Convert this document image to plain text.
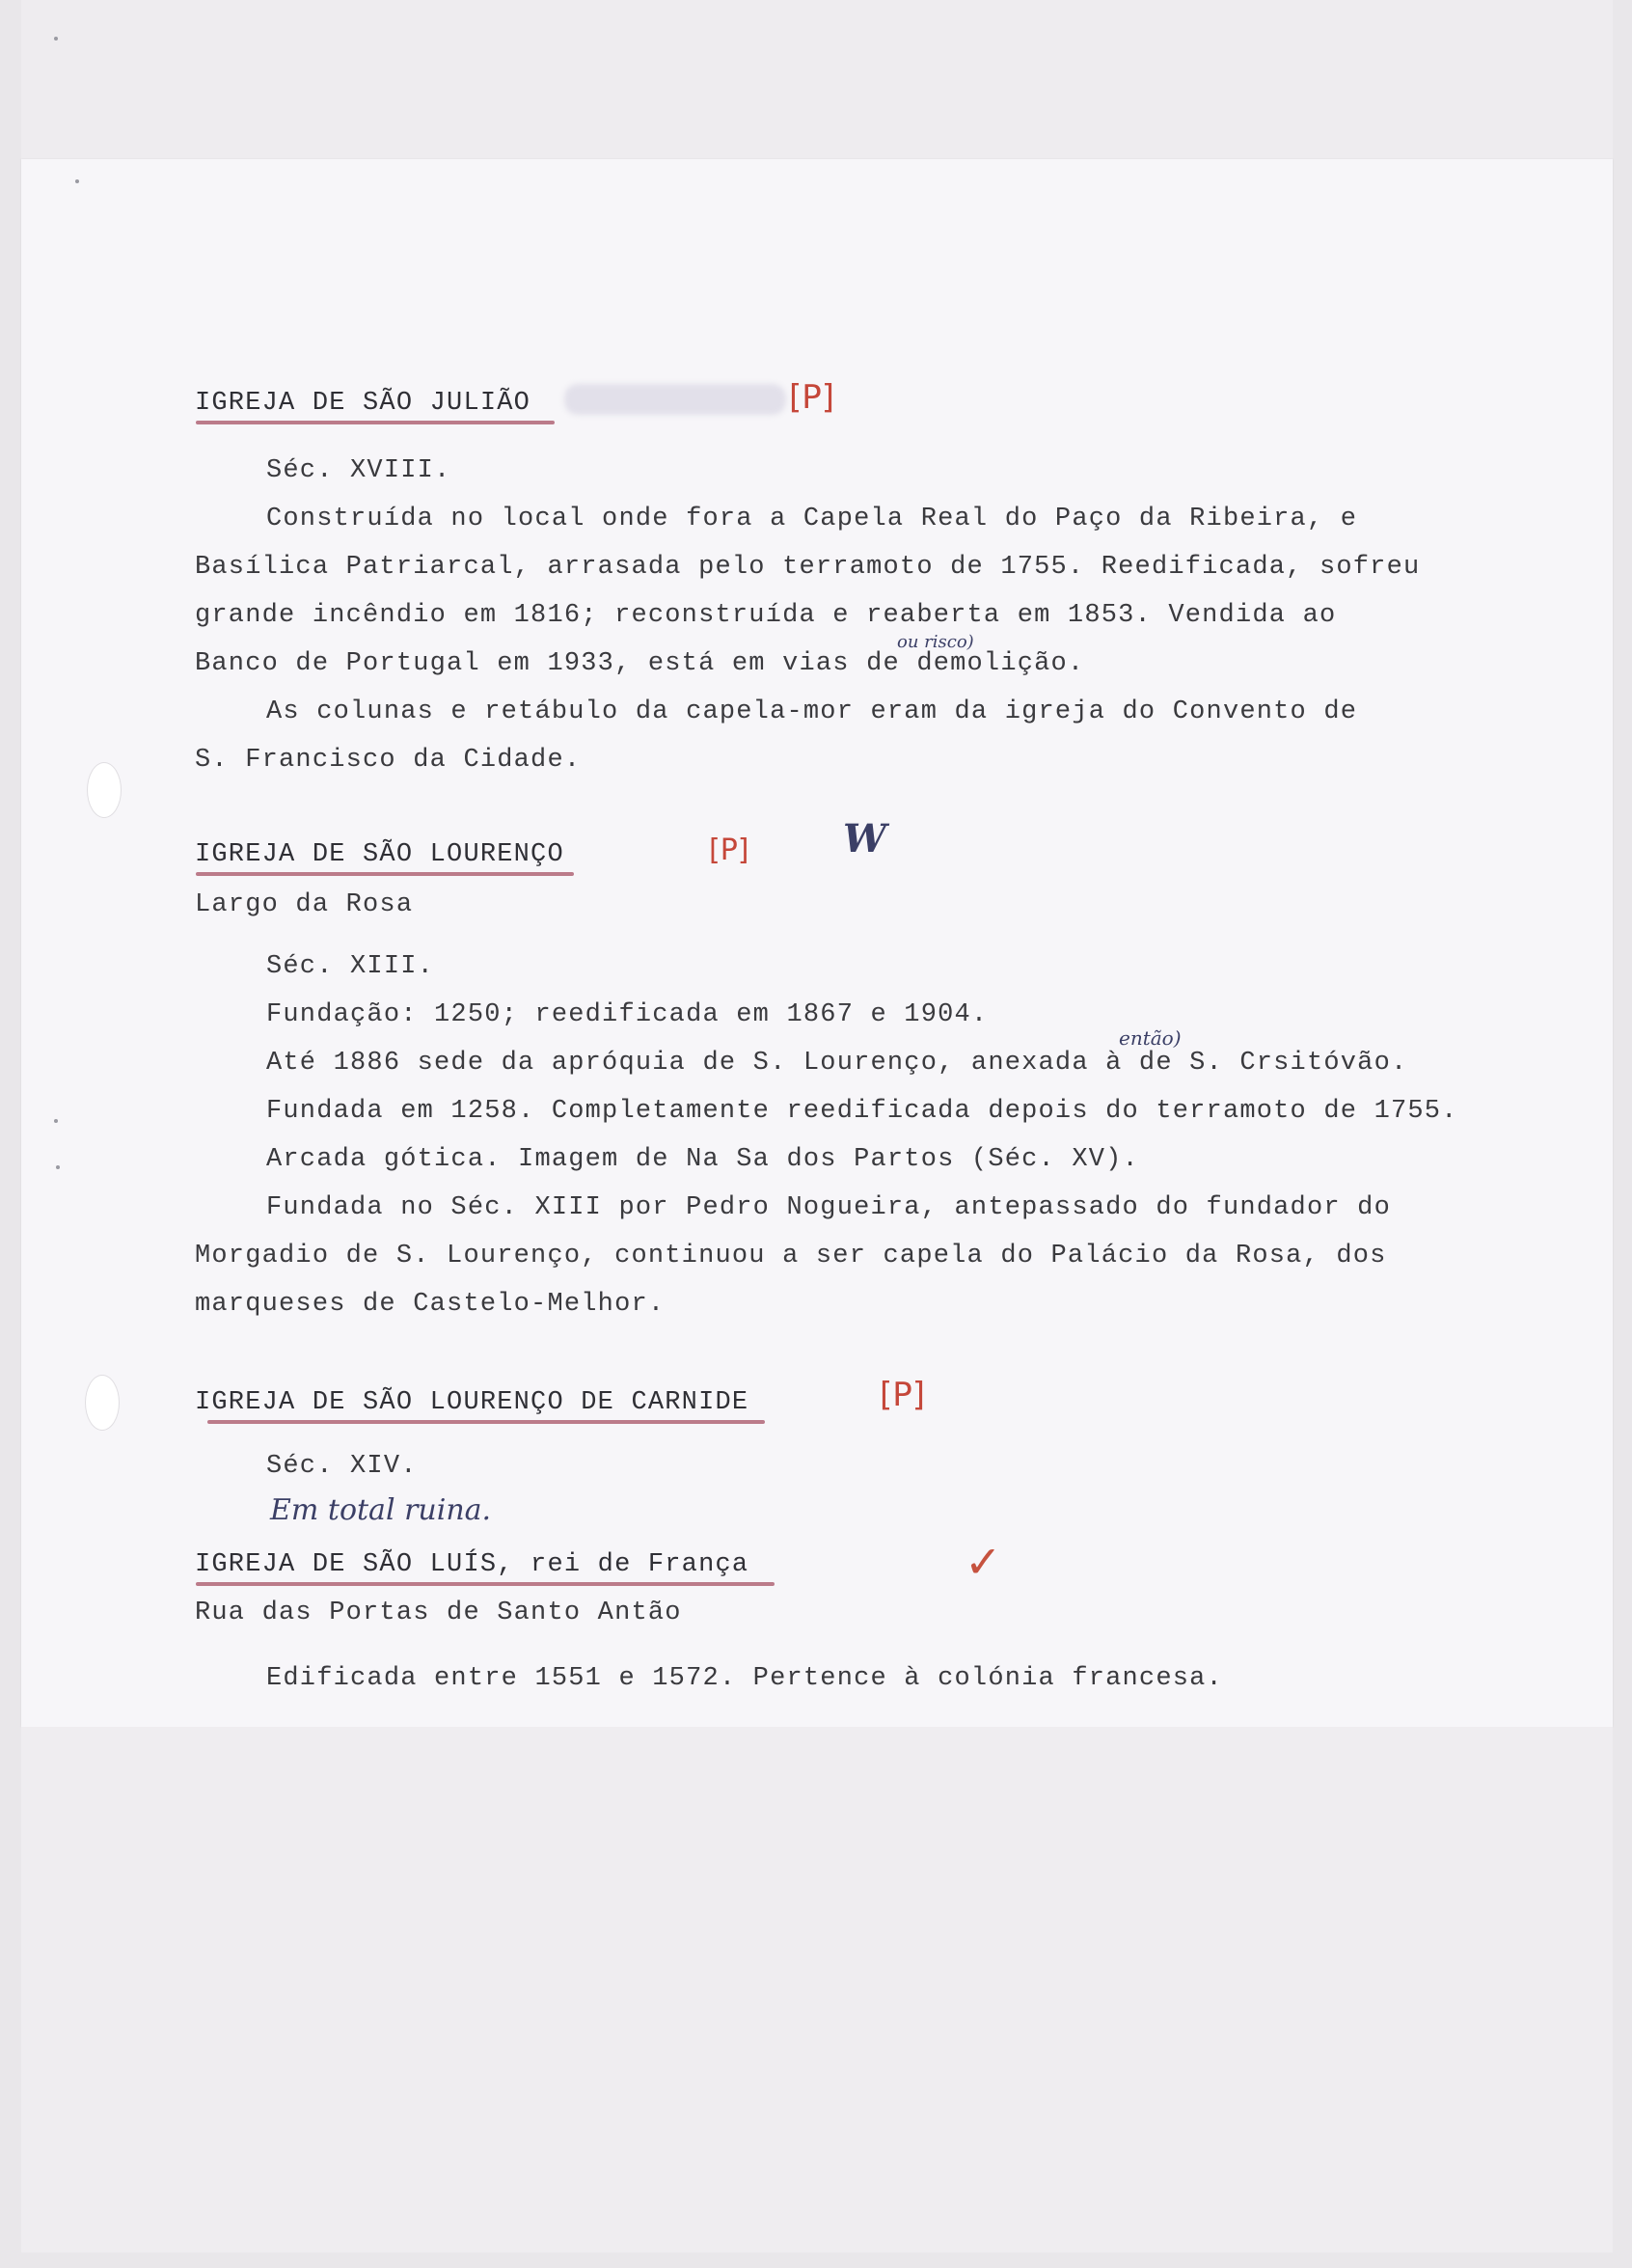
IGREJA DE SÃO JULIÃO	[P]
Séc. XVIII.
Construída no local onde fora a Capela Real do Paço da Ribeira, e
Basílica Patriarcal, arrasada pelo terramoto de 1755. Reedificada, sofreu
grande incêndio em 1816; reconstruída e reaberta em 1853. Vendida ao
ou risco)
Banco de Portugal em 1933, está em vias de demolição.
As colunas e retábulo da capela-mor eram da igreja do Convento de
S. Francisco da Cidade.
IGREJA DE SÃO LOURENÇO	[P] W
Largo da Rosa
Séc. XIII.
Fundação: 1250; reedificada em 1867 e 1904.
então)
Até 1886 sede da apróquia de S. Lourenço, anexada à de S. Crsitóvão.
Fundada em 1258. Completamente reedificada depois do terramoto de 1755.
Arcada gótica. Imagem de Na Sa dos Partos (Séc. XV).
Fundada no Séc. XIII por Pedro Nogueira, antepassado do fundador do
Morgadio de S. Lourenço, continuou a ser capela do Palácio da Rosa, dos
marqueses de Castelo-Melhor.
IGREJA DE SÃO LOURENÇO DE CARNIDE	[P]
Séc. XIV.
Em total ruina.
IGREJA DE SÃO LUÍS, rei de França	✓
Rua das Portas de Santo Antão
Edificada entre 1551 e 1572. Pertence à colónia francesa.
